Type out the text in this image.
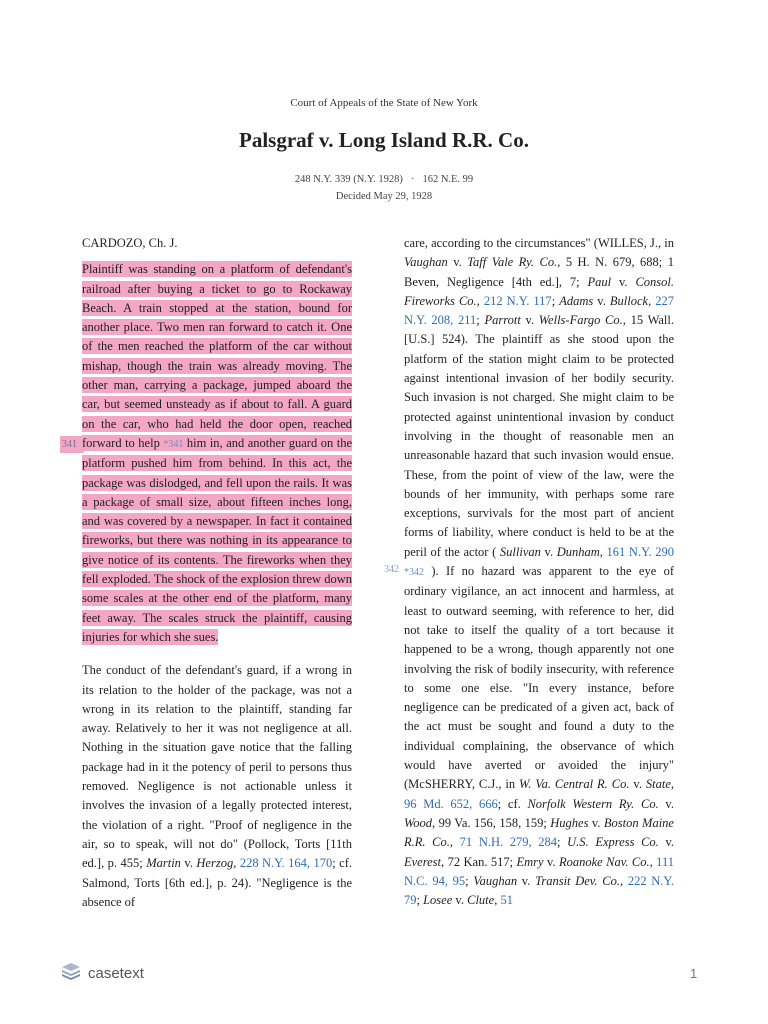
Court of Appeals of the State of New York
Palsgraf v. Long Island R.R. Co.
248 N.Y. 339 (N.Y. 1928) · 162 N.E. 99
Decided May 29, 1928
341
342

CARDOZO, Ch. J.

Plaintiff was standing on a platform of defendant's railroad after buying a ticket to go to Rockaway Beach. A train stopped at the station, bound for another place. Two men ran forward to catch it. One of the men reached the platform of the car without mishap, though the train was already moving. The other man, carrying a package, jumped aboard the car, but seemed unsteady as if about to fall. A guard on the car, who had held the door open, reached forward to help *341 him in, and another guard on the platform pushed him from behind. In this act, the package was dislodged, and fell upon the rails. It was a package of small size, about fifteen inches long, and was covered by a newspaper. In fact it contained fireworks, but there was nothing in its appearance to give notice of its contents. The fireworks when they fell exploded. The shock of the explosion threw down some scales at the other end of the platform, many feet away. The scales struck the plaintiff, causing injuries for which she sues.

The conduct of the defendant's guard, if a wrong in its relation to the holder of the package, was not a wrong in its relation to the plaintiff, standing far away. Relatively to her it was not negligence at all. Nothing in the situation gave notice that the falling package had in it the potency of peril to persons thus removed. Negligence is not actionable unless it involves the invasion of a legally protected interest, the violation of a right. "Proof of negligence in the air, so to speak, will not do" (Pollock, Torts [11th ed.], p. 455; Martin v. Herzog, 228 N.Y. 164, 170; cf. Salmond, Torts [6th ed.], p. 24). "Negligence is the absence of

care, according to the circumstances" (WILLES, J., in Vaughan v. Taff Vale Ry. Co., 5 H. N. 679, 688; 1 Beven, Negligence [4th ed.], 7; Paul v. Consol. Fireworks Co., 212 N.Y. 117; Adams v. Bullock, 227 N.Y. 208, 211; Parrott v. Wells-Fargo Co., 15 Wall. [U.S.] 524). The plaintiff as she stood upon the platform of the station might claim to be protected against intentional invasion of her bodily security. Such invasion is not charged. She might claim to be protected against unintentional invasion by conduct involving in the thought of reasonable men an unreasonable hazard that such invasion would ensue. These, from the point of view of the law, were the bounds of her immunity, with perhaps some rare exceptions, survivals for the most part of ancient forms of liability, where conduct is held to be at the peril of the actor ( Sullivan v. Dunham, 161 N.Y. 290 *342 ). If no hazard was apparent to the eye of ordinary vigilance, an act innocent and harmless, at least to outward seeming, with reference to her, did not take to itself the quality of a tort because it happened to be a wrong, though apparently not one involving the risk of bodily insecurity, with reference to some one else. "In every instance, before negligence can be predicated of a given act, back of the act must be sought and found a duty to the individual complaining, the observance of which would have averted or avoided the injury" (McSHERRY, C.J., in W. Va. Central R. Co. v. State, 96 Md. 652, 666; cf. Norfolk Western Ry. Co. v. Wood, 99 Va. 156, 158, 159; Hughes v. Boston Maine R.R. Co., 71 N.H. 279, 284; U.S. Express Co. v. Everest, 72 Kan. 517; Emry v. Roanoke Nav. Co., 111 N.C. 94, 95; Vaughan v. Transit Dev. Co., 222 N.Y. 79; Losee v. Clute, 51

casetext	1
